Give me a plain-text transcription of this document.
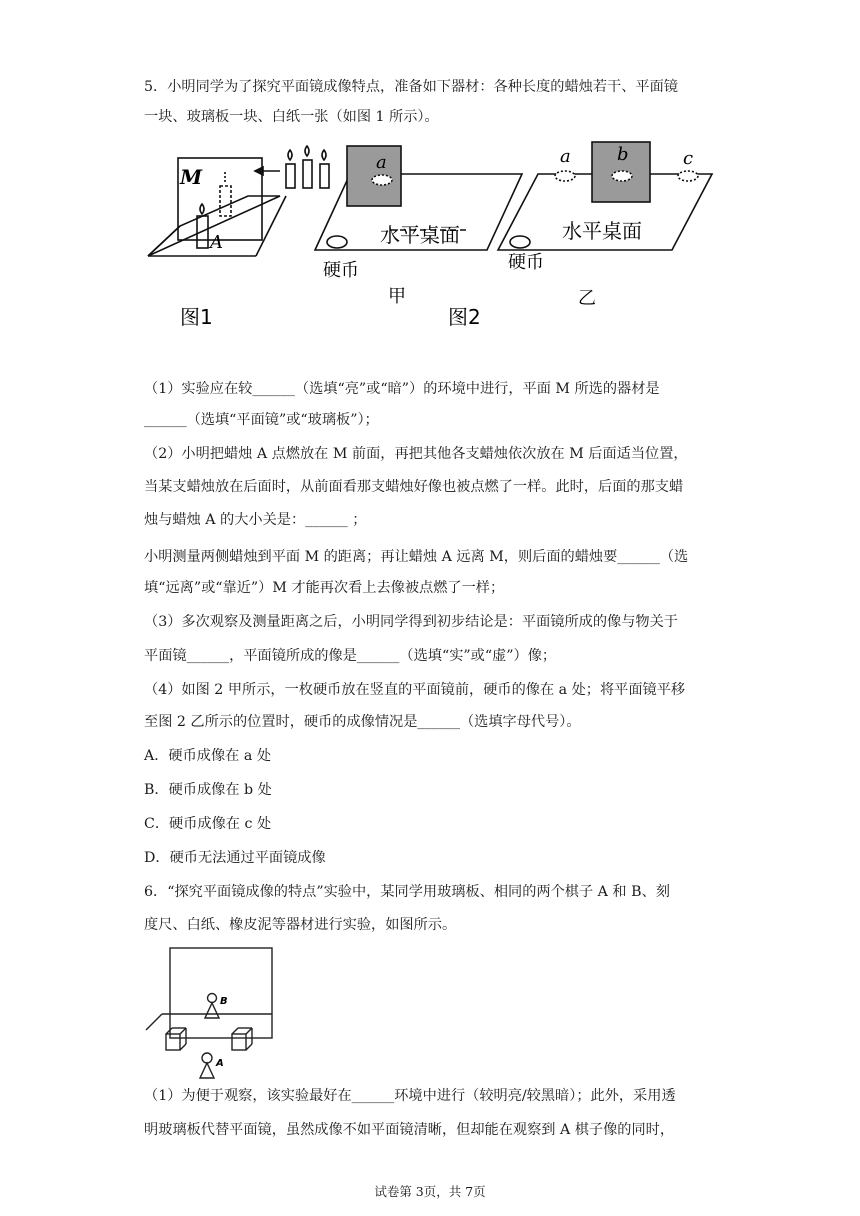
5．小明同学为了探究平面镜成像特点，准备如下器材：各种长度的蜡烛若干、平面镜
一块、玻璃板一块、白纸一张（如图 1 所示）。
M
A
a
水平桌面
硬币
a	b	c
水平桌面
硬币
甲	乙
图1	图2
（1）实验应在较______（选填“亮”或“暗”）的环境中进行，平面 M 所选的器材是
______（选填“平面镜”或“玻璃板”）；
（2）小明把蜡烛 A 点燃放在 M 前面，再把其他各支蜡烛依次放在 M 后面适当位置，
当某支蜡烛放在后面时，从前面看那支蜡烛好像也被点燃了一样。此时，后面的那支蜡
烛与蜡烛 A 的大小关是：______ ；
小明测量两侧蜡烛到平面 M 的距离；再让蜡烛 A 远离 M，则后面的蜡烛要______（选
填“远离”或“靠近”）M 才能再次看上去像被点燃了一样；
（3）多次观察及测量距离之后，小明同学得到初步结论是：平面镜所成的像与物关于
平面镜______，平面镜所成的像是______（选填“实”或“虚”）像；
（4）如图 2 甲所示，一枚硬币放在竖直的平面镜前，硬币的像在 a 处；将平面镜平移
至图 2 乙所示的位置时，硬币的成像情况是______（选填字母代号）。
A．硬币成像在 a 处
B．硬币成像在 b 处
C．硬币成像在 c 处
D．硬币无法通过平面镜成像
6．“探究平面镜成像的特点”实验中，某同学用玻璃板、相同的两个棋子 A 和 B、刻
度尺、白纸、橡皮泥等器材进行实验，如图所示。
B
A
（1）为便于观察，该实验最好在______环境中进行（较明亮/较黑暗）；此外，采用透
明玻璃板代替平面镜，虽然成像不如平面镜清晰，但却能在观察到 A 棋子像的同时，
试卷第 3页，共 7页
